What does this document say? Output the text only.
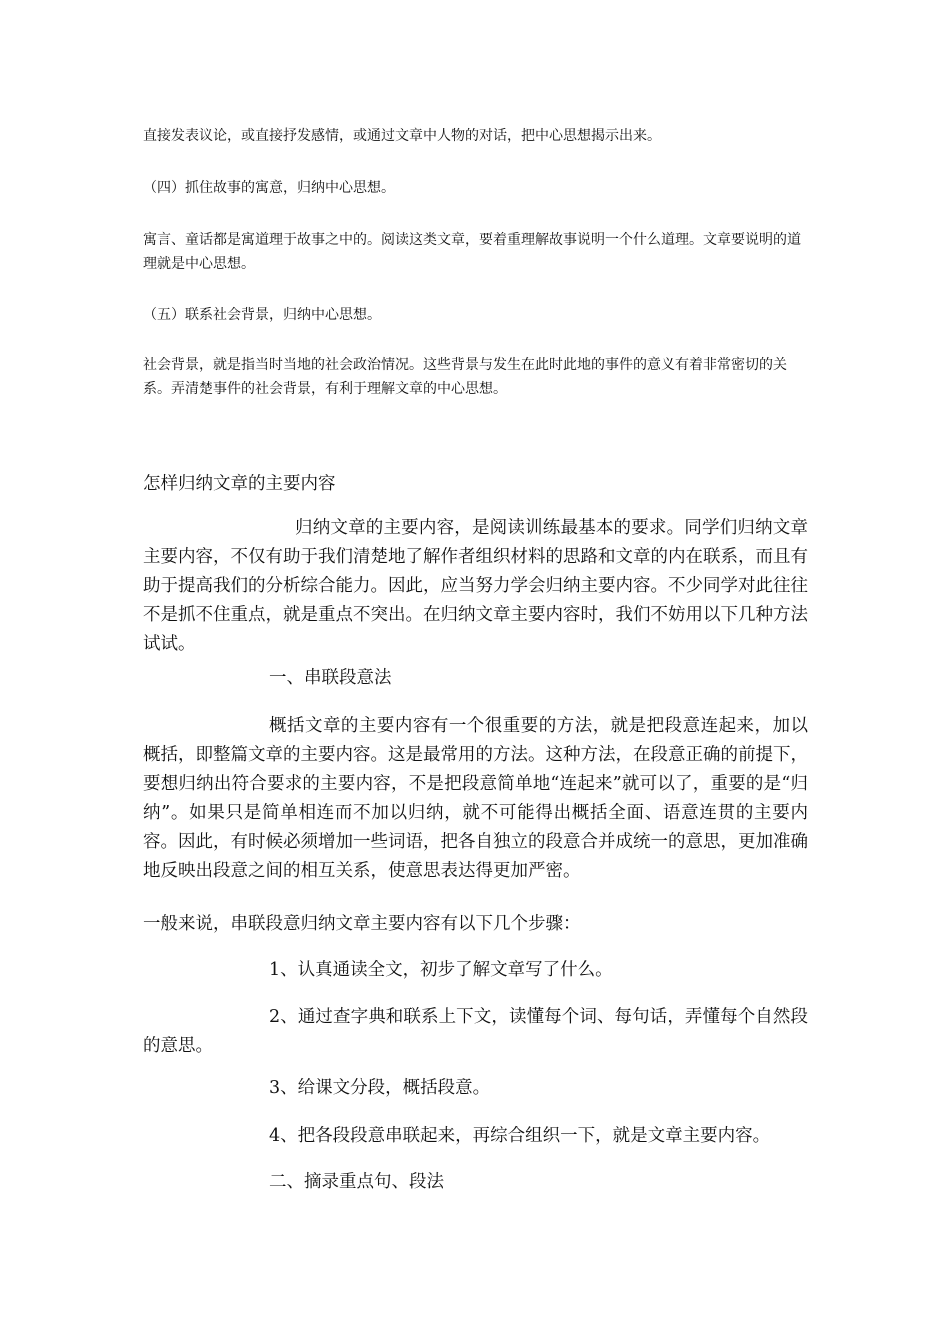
直接发表议论，或直接抒发感情，或通过文章中人物的对话，把中心思想揭示出来。

（四）抓住故事的寓意，归纳中心思想。

寓言、童话都是寓道理于故事之中的。阅读这类文章，要着重理解故事说明一个什么道理。文章要说明的道理就是中心思想。

（五）联系社会背景，归纳中心思想。

社会背景，就是指当时当地的社会政治情况。这些背景与发生在此时此地的事件的意义有着非常密切的关系。弄清楚事件的社会背景，有利于理解文章的中心思想。

怎样归纳文章的主要内容

归纳文章的主要内容，是阅读训练最基本的要求。同学们归纳文章主要内容，不仅有助于我们清楚地了解作者组织材料的思路和文章的内在联系，而且有助于提高我们的分析综合能力。因此，应当努力学会归纳主要内容。不少同学对此往往不是抓不住重点，就是重点不突出。在归纳文章主要内容时，我们不妨用以下几种方法试试。

一、串联段意法

概括文章的主要内容有一个很重要的方法，就是把段意连起来，加以概括，即整篇文章的主要内容。这是最常用的方法。这种方法，在段意正确的前提下，要想归纳出符合要求的主要内容，不是把段意简单地“连起来”就可以了，重要的是“归纳”。如果只是简单相连而不加以归纳，就不可能得出概括全面、语意连贯的主要内容。因此，有时候必须增加一些词语，把各自独立的段意合并成统一的意思，更加准确地反映出段意之间的相互关系，使意思表达得更加严密。

一般来说，串联段意归纳文章主要内容有以下几个步骤：

1、认真通读全文，初步了解文章写了什么。

2、通过查字典和联系上下文，读懂每个词、每句话，弄懂每个自然段的意思。

3、给课文分段，概括段意。

4、把各段段意串联起来，再综合组织一下，就是文章主要内容。

二、摘录重点句、段法
